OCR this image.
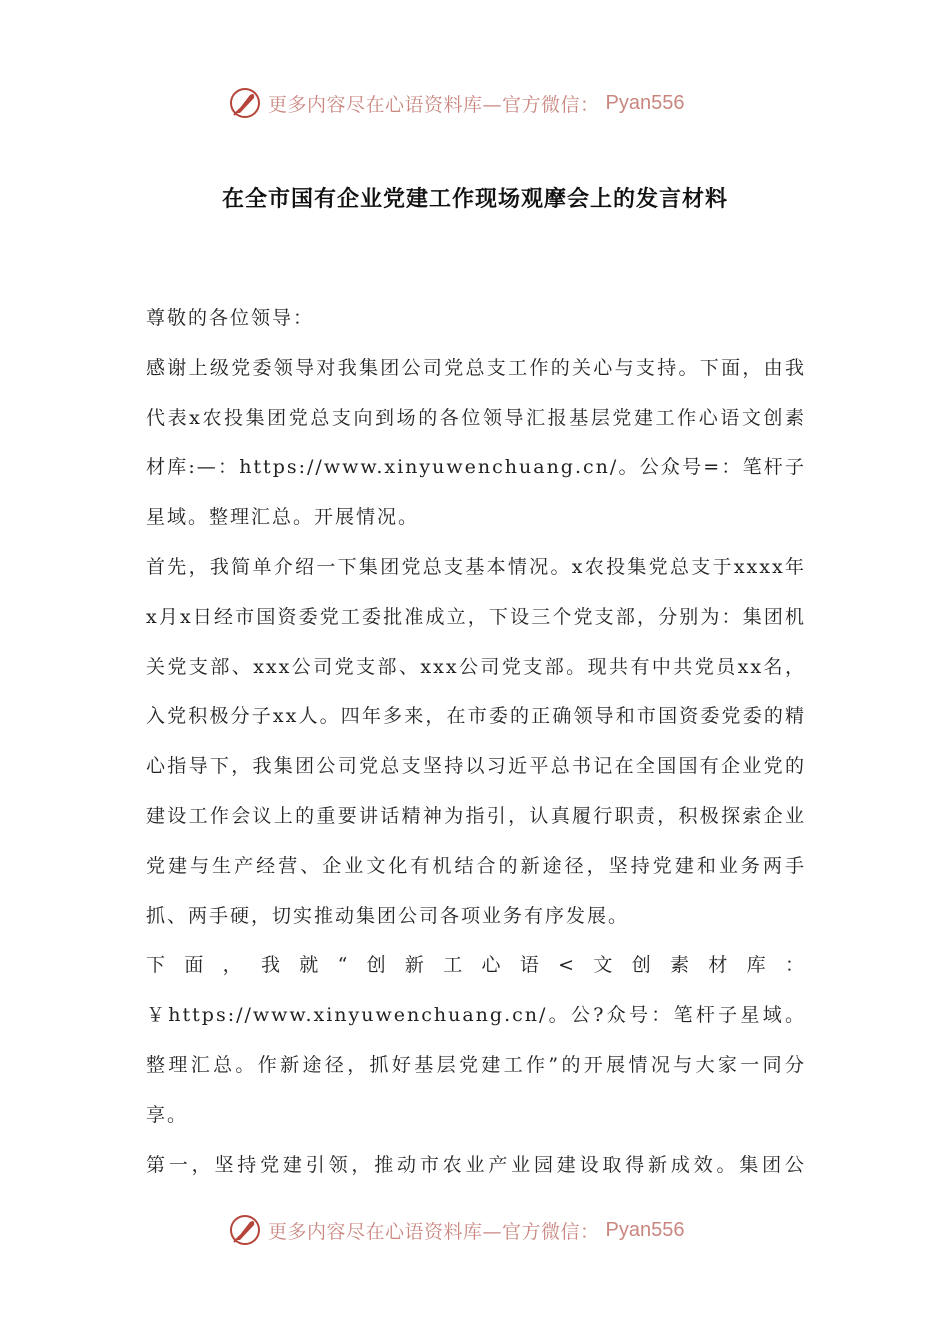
更多内容尽在心语资料库—官方微信： Pyan556
在全市国有企业党建工作现场观摩会上的发言材料

尊敬的各位领导：

感谢上级党委领导对我集团公司党总支工作的关心与支持。下面，由我代表x农投集团党总支向到场的各位领导汇报基层党建工作心语文创素材库:—：https://www.xinyuwenchuang.cn/。公众号=：笔杆子星域。整理汇总。开展情况。

首先，我简单介绍一下集团党总支基本情况。x农投集党总支于xxxx年x月x日经市国资委党工委批准成立，下设三个党支部，分别为：集团机关党支部、xxx公司党支部、xxx公司党支部。现共有中共党员xx名，入党积极分子xx人。四年多来，在市委的正确领导和市国资委党委的精心指导下，我集团公司党总支坚持以习近平总书记在全国国有企业党的建设工作会议上的重要讲话精神为指引，认真履行职责，积极探索企业党建与生产经营、企业文化有机结合的新途径，坚持党建和业务两手抓、两手硬，切实推动集团公司各项业务有序发展。

下面，我就“创新工心语<文创素材库：￥https://www.xinyuwenchuang.cn/。公?众号：笔杆子星域。整理汇总。作新途径，抓好基层党建工作”的开展情况与大家一同分享。

第一，坚持党建引领，推动市农业产业园建设取得新成效。集团公

更多内容尽在心语资料库—官方微信： Pyan556
